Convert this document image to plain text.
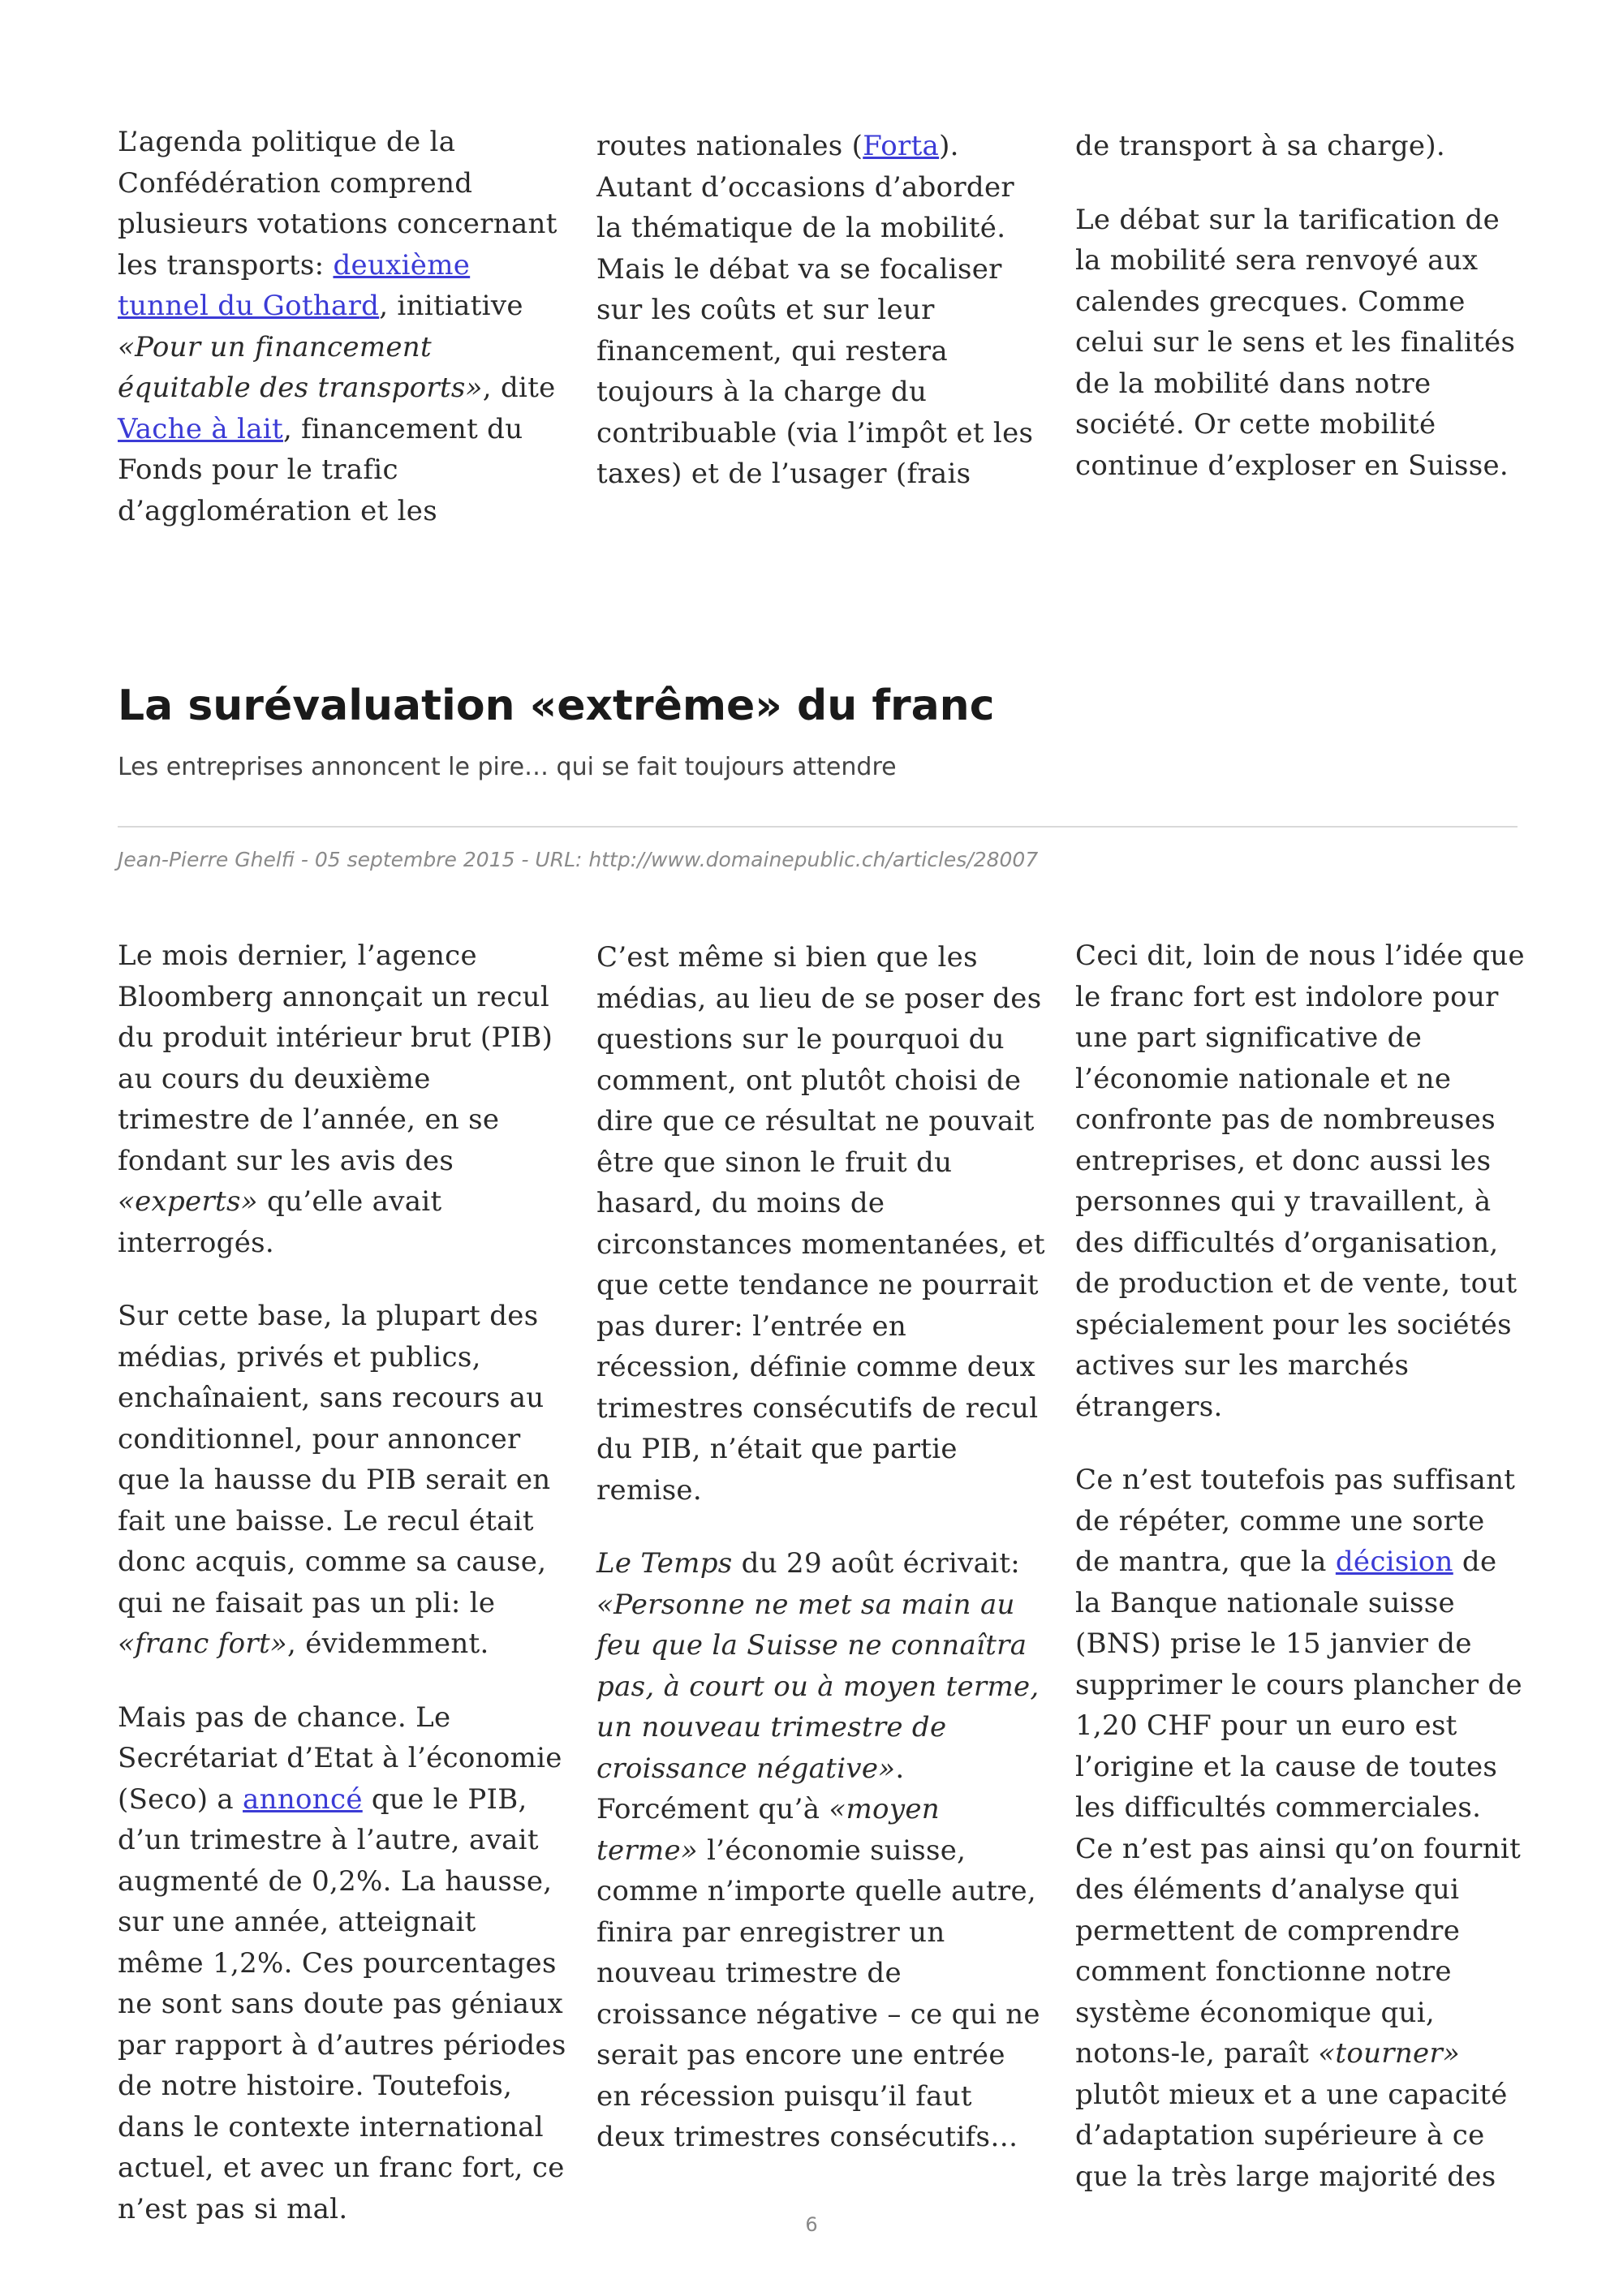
L’agenda politique de la Confédération comprend plusieurs votations concernant les transports: deuxième tunnel du Gothard, initiative «Pour un financement équitable des transports», dite Vache à lait, financement du Fonds pour le trafic d’agglomération et les

routes nationales (Forta). Autant d’occasions d’aborder la thématique de la mobilité. Mais le débat va se focaliser sur les coûts et sur leur financement, qui restera toujours à la charge du contribuable (via l’impôt et les taxes) et de l’usager (frais

de transport à sa charge).

Le débat sur la tarification de la mobilité sera renvoyé aux calendes grecques. Comme celui sur le sens et les finalités de la mobilité dans notre société. Or cette mobilité continue d’exploser en Suisse.

La surévaluation «extrême» du franc
Les entreprises annoncent le pire… qui se fait toujours attendre
Jean-Pierre Ghelfi - 05 septembre 2015 - URL: http://www.domainepublic.ch/articles/28007

Le mois dernier, l’agence Bloomberg annonçait un recul du produit intérieur brut (PIB) au cours du deuxième trimestre de l’année, en se fondant sur les avis des «experts» qu’elle avait interrogés.

Sur cette base, la plupart des médias, privés et publics, enchaînaient, sans recours au conditionnel, pour annoncer que la hausse du PIB serait en fait une baisse. Le recul était donc acquis, comme sa cause, qui ne faisait pas un pli: le «franc fort», évidemment.

Mais pas de chance. Le Secrétariat d’Etat à l’économie (Seco) a annoncé que le PIB, d’un trimestre à l’autre, avait augmenté de 0,2%. La hausse, sur une année, atteignait même 1,2%. Ces pourcentages ne sont sans doute pas géniaux par rapport à d’autres périodes de notre histoire. Toutefois, dans le contexte international actuel, et avec un franc fort, ce n’est pas si mal.

C’est même si bien que les médias, au lieu de se poser des questions sur le pourquoi du comment, ont plutôt choisi de dire que ce résultat ne pouvait être que sinon le fruit du hasard, du moins de circonstances momentanées, et que cette tendance ne pourrait pas durer: l’entrée en récession, définie comme deux trimestres consécutifs de recul du PIB, n’était que partie remise.

Le Temps du 29 août écrivait: «Personne ne met sa main au feu que la Suisse ne connaîtra pas, à court ou à moyen terme, un nouveau trimestre de croissance négative». Forcément qu’à «moyen terme» l’économie suisse, comme n’importe quelle autre, finira par enregistrer un nouveau trimestre de croissance négative – ce qui ne serait pas encore une entrée en récession puisqu’il faut deux trimestres consécutifs…

Ceci dit, loin de nous l’idée que le franc fort est indolore pour une part significative de l’économie nationale et ne confronte pas de nombreuses entreprises, et donc aussi les personnes qui y travaillent, à des difficultés d’organisation, de production et de vente, tout spécialement pour les sociétés actives sur les marchés étrangers.

Ce n’est toutefois pas suffisant de répéter, comme une sorte de mantra, que la décision de la Banque nationale suisse (BNS) prise le 15 janvier de supprimer le cours plancher de 1,20 CHF pour un euro est l’origine et la cause de toutes les difficultés commerciales. Ce n’est pas ainsi qu’on fournit des éléments d’analyse qui permettent de comprendre comment fonctionne notre système économique qui, notons-le, paraît «tourner» plutôt mieux et a une capacité d’adaptation supérieure à ce que la très large majorité des

6
